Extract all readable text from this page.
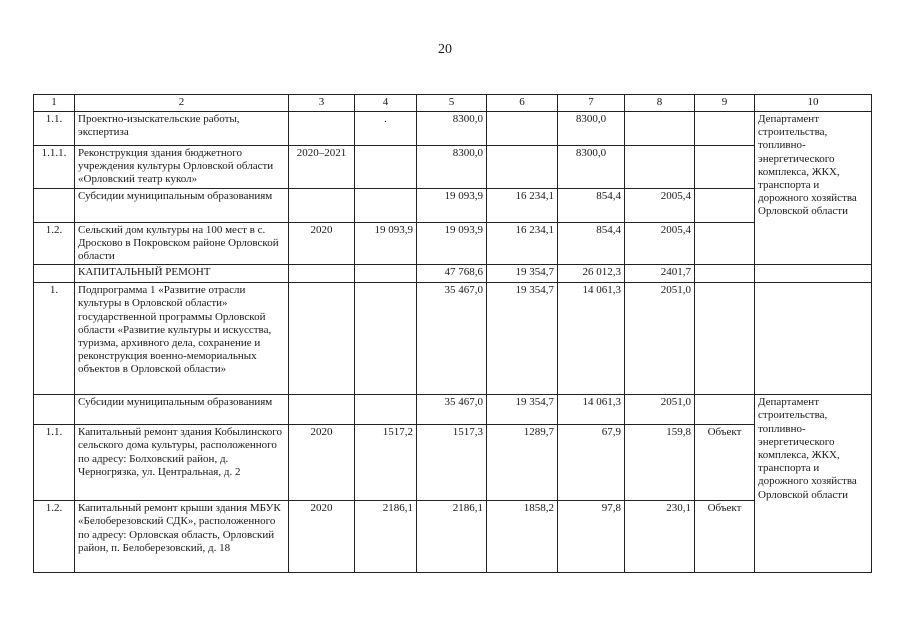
20
1	2	3	4	5	6	7	8	9	10
1.1.	Проектно-изыскательские работы, экспертиза		.	8300,0		8300,0			Департамент строительства, топливно-энергетического комплекса, ЖКХ, транспорта и дорожного хозяйства Орловской области
1.1.1.	Реконструкция здания бюджетного учреждения культуры Орловской области «Орловский театр кукол»	2020–2021		8300,0		8300,0			
	Субсидии муниципальным образованиям			19 093,9	16 234,1	854,4	2005,4		
1.2.	Сельский дом культуры на 100 мест в с. Дросково в Покровском районе Орловской области	2020	19 093,9	19 093,9	16 234,1	854,4	2005,4		
	КАПИТАЛЬНЫЙ РЕМОНТ			47 768,6	19 354,7	26 012,3	2401,7		
1.	Подпрограмма 1 «Развитие отрасли культуры в Орловской области» государственной программы Орловской области «Развитие культуры и искусства, туризма, архивного дела, сохранение и реконструкция военно-мемориальных объектов в Орловской области»			35 467,0	19 354,7	14 061,3	2051,0		
	Субсидии муниципальным образованиям			35 467,0	19 354,7	14 061,3	2051,0		Департамент строительства, топливно-энергетического комплекса, ЖКХ, транспорта и дорожного хозяйства Орловской области
1.1.	Капитальный ремонт здания Кобылинского сельского дома культуры, расположенного по адресу: Болховский район, д. Черногрязка, ул. Центральная, д. 2	2020	1517,2	1517,3	1289,7	67,9	159,8	Объект	
1.2.	Капитальный ремонт крыши здания МБУК «Белоберезовский СДК», расположенного по адресу: Орловская область, Орловский район, п. Белоберезовский, д. 18	2020	2186,1	2186,1	1858,2	97,8	230,1	Объект	
